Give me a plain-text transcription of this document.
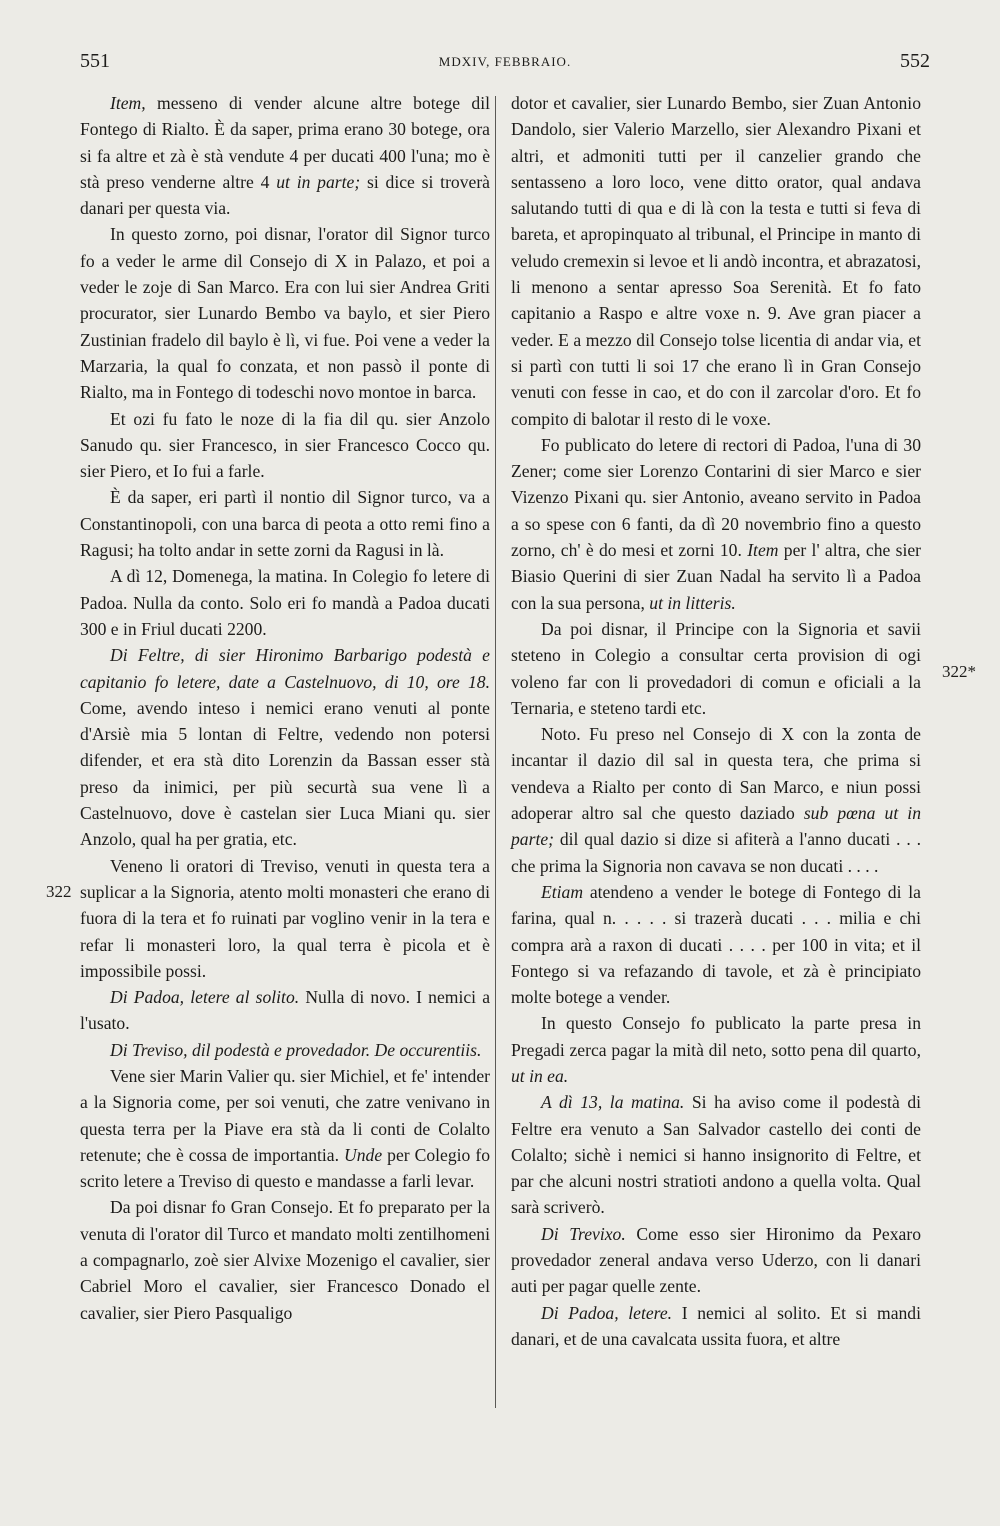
551	MDXIV, FEBBRAIO.	552
322
322*

Item, messeno di vender alcune altre botege dil Fontego di Rialto. È da saper, prima erano 30 botege, ora si fa altre et zà è stà vendute 4 per ducati 400 l'una; mo è stà preso venderne altre 4 ut in parte; si dice si troverà danari per questa via.

In questo zorno, poi disnar, l'orator dil Signor turco fo a veder le arme dil Consejo di X in Palazo, et poi a veder le zoje di San Marco. Era con lui sier Andrea Griti procurator, sier Lunardo Bembo va baylo, et sier Piero Zustinian fradelo dil baylo è lì, vi fue. Poi vene a veder la Marzaria, la qual fo conzata, et non passò il ponte di Rialto, ma in Fontego di todeschi novo montoe in barca.

Et ozi fu fato le noze di la fia dil qu. sier Anzolo Sanudo qu. sier Francesco, in sier Francesco Cocco qu. sier Piero, et Io fui a farle.

È da saper, eri partì il nontio dil Signor turco, va a Constantinopoli, con una barca di peota a otto remi fino a Ragusi; ha tolto andar in sette zorni da Ragusi in là.

A dì 12, Domenega, la matina. In Colegio fo letere di Padoa. Nulla da conto. Solo eri fo mandà a Padoa ducati 300 e in Friul ducati 2200.

Di Feltre, di sier Hironimo Barbarigo podestà e capitanio fo letere, date a Castelnuovo, di 10, ore 18. Come, avendo inteso i nemici erano venuti al ponte d'Arsiè mia 5 lontan di Feltre, vedendo non potersi difender, et era stà dito Lorenzin da Bassan esser stà preso da inimici, per più securtà sua vene lì a Castelnuovo, dove è castelan sier Luca Miani qu. sier Anzolo, qual ha per gratia, etc.

Veneno li oratori di Treviso, venuti in questa tera a suplicar a la Signoria, atento molti monasteri che erano di fuora di la tera et fo ruinati par voglino venir in la tera e refar li monasteri loro, la qual terra è picola et è impossibile possi.

Di Padoa, letere al solito. Nulla di novo. I nemici a l'usato.

Di Treviso, dil podestà e provedador. De occurentiis.

Vene sier Marin Valier qu. sier Michiel, et fe' intender a la Signoria come, per soi venuti, che zatre venivano in questa terra per la Piave era stà da li conti de Colalto retenute; che è cossa de importantia. Unde per Colegio fo scrito letere a Treviso di questo e mandasse a farli levar.

Da poi disnar fo Gran Consejo. Et fo preparato per la venuta di l'orator dil Turco et mandato molti zentilhomeni a compagnarlo, zoè sier Alvixe Mozenigo el cavalier, sier Cabriel Moro el cavalier, sier Francesco Donado el cavalier, sier Piero Pasqualigo

dotor et cavalier, sier Lunardo Bembo, sier Zuan Antonio Dandolo, sier Valerio Marzello, sier Alexandro Pixani et altri, et admoniti tutti per il canzelier grando che sentasseno a loro loco, vene ditto orator, qual andava salutando tutti di qua e di là con la testa e tutti si feva di bareta, et apropinquato al tribunal, el Principe in manto di veludo cremexin si levoe et li andò incontra, et abrazatosi, li menono a sentar apresso Soa Serenità. Et fo fato capitanio a Raspo e altre voxe n. 9. Ave gran piacer a veder. E a mezzo dil Consejo tolse licentia di andar via, et si partì con tutti li soi 17 che erano lì in Gran Consejo venuti con fesse in cao, et do con il zarcolar d'oro. Et fo compito di balotar il resto di le voxe.

Fo publicato do letere di rectori di Padoa, l'una di 30 Zener; come sier Lorenzo Contarini di sier Marco e sier Vizenzo Pixani qu. sier Antonio, aveano servito in Padoa a so spese con 6 fanti, da dì 20 novembrio fino a questo zorno, ch' è do mesi et zorni 10. Item per l' altra, che sier Biasio Querini di sier Zuan Nadal ha servito lì a Padoa con la sua persona, ut in litteris.

Da poi disnar, il Principe con la Signoria et savii steteno in Colegio a consultar certa provision di ogi voleno far con li provedadori di comun e oficiali a la Ternaria, e steteno tardi etc.

Noto. Fu preso nel Consejo di X con la zonta de incantar il dazio dil sal in questa tera, che prima si vendeva a Rialto per conto di San Marco, e niun possi adoperar altro sal che questo daziado sub pœna ut in parte; dil qual dazio si dize si afiterà a l'anno ducati . . . che prima la Signoria non cavava se non ducati . . . .

Etiam atendeno a vender le botege di Fontego di la farina, qual n. . . . . si trazerà ducati . . . milia e chi compra arà a raxon di ducati . . . . per 100 in vita; et il Fontego si va refazando di tavole, et zà è principiato molte botege a vender.

In questo Consejo fo publicato la parte presa in Pregadi zerca pagar la mità dil neto, sotto pena dil quarto, ut in ea.

A dì 13, la matina. Si ha aviso come il podestà di Feltre era venuto a San Salvador castello dei conti de Colalto; sichè i nemici si hanno insignorito di Feltre, et par che alcuni nostri stratioti andono a quella volta. Qual sarà scriverò.

Di Trevixo. Come esso sier Hironimo da Pexaro provedador zeneral andava verso Uderzo, con li danari auti per pagar quelle zente.

Di Padoa, letere. I nemici al solito. Et si mandi danari, et de una cavalcata ussita fuora, et altre
